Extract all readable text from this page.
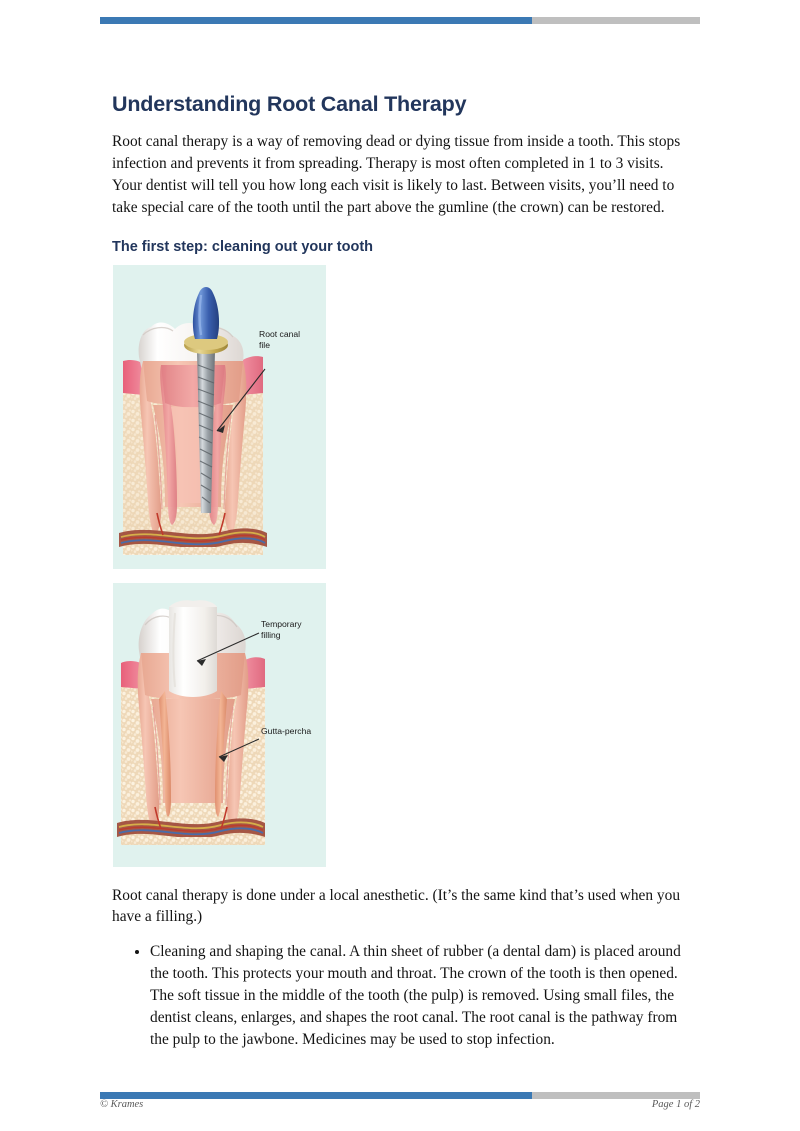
Understanding Root Canal Therapy

Root canal therapy is a way of removing dead or dying tissue from inside a tooth. This stops infection and prevents it from spreading. Therapy is most often completed in 1 to 3 visits. Your dentist will tell you how long each visit is likely to last. Between visits, you’ll need to take special care of the tooth until the part above the gumline (the crown) can be restored.

The first step: cleaning out your tooth
Root canal
file
Temporary
filling
Gutta-percha

Root canal therapy is done under a local anesthetic. (It’s the same kind that’s used when you have a filling.)

• Cleaning and shaping the canal. A thin sheet of rubber (a dental dam) is placed around the tooth. This protects your mouth and throat. The crown of the tooth is then opened. The soft tissue in the middle of the tooth (the pulp) is removed. Using small files, the dentist cleans, enlarges, and shapes the root canal. The root canal is the pathway from the pulp to the jawbone. Medicines may be used to stop infection.
© Krames	Page 1 of 2
